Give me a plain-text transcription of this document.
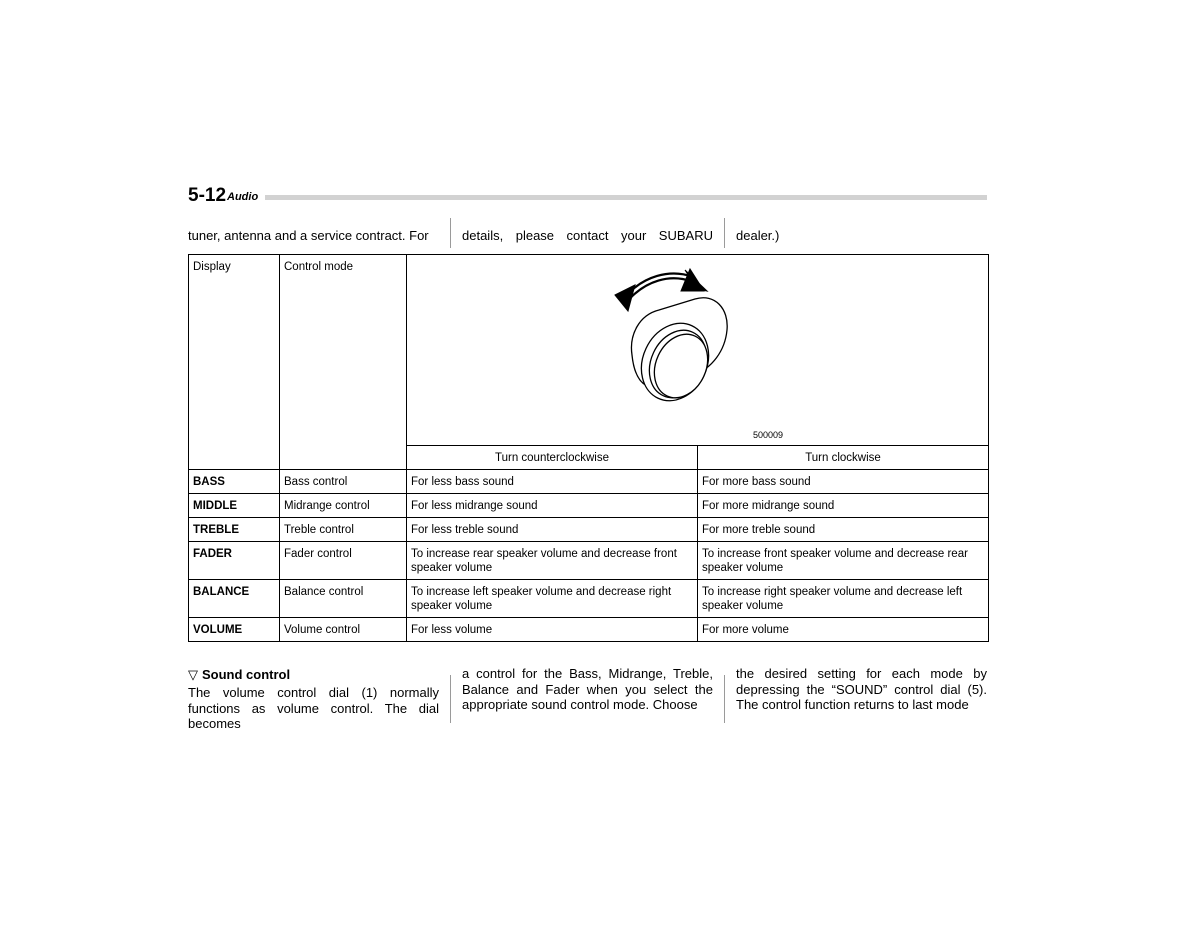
5-12 Audio
tuner, antenna and a service contract. For	details, please contact your SUBARU dealer.)
Display	Control mode	500009	

		Turn counterclockwise	Turn clockwise
BASS	Bass control	For less bass sound	For more bass sound
MIDDLE	Midrange control	For less midrange sound	For more midrange sound
TREBLE	Treble control	For less treble sound	For more treble sound
FADER	Fader control	To increase rear speaker volume and decrease front speaker volume	To increase front speaker volume and decrease rear speaker volume
BALANCE	Balance control	To increase left speaker volume and decrease right speaker volume	To increase right speaker volume and decrease left speaker volume
VOLUME	Volume control	For less volume	For more volume
▽ Sound control

The volume control dial (1) normally functions as volume control. The dial becomes

a control for the Bass, Midrange, Treble, Balance and Fader when you select the appropriate sound control mode. Choose

the desired setting for each mode by depressing the “SOUND” control dial (5). The control function returns to last mode
